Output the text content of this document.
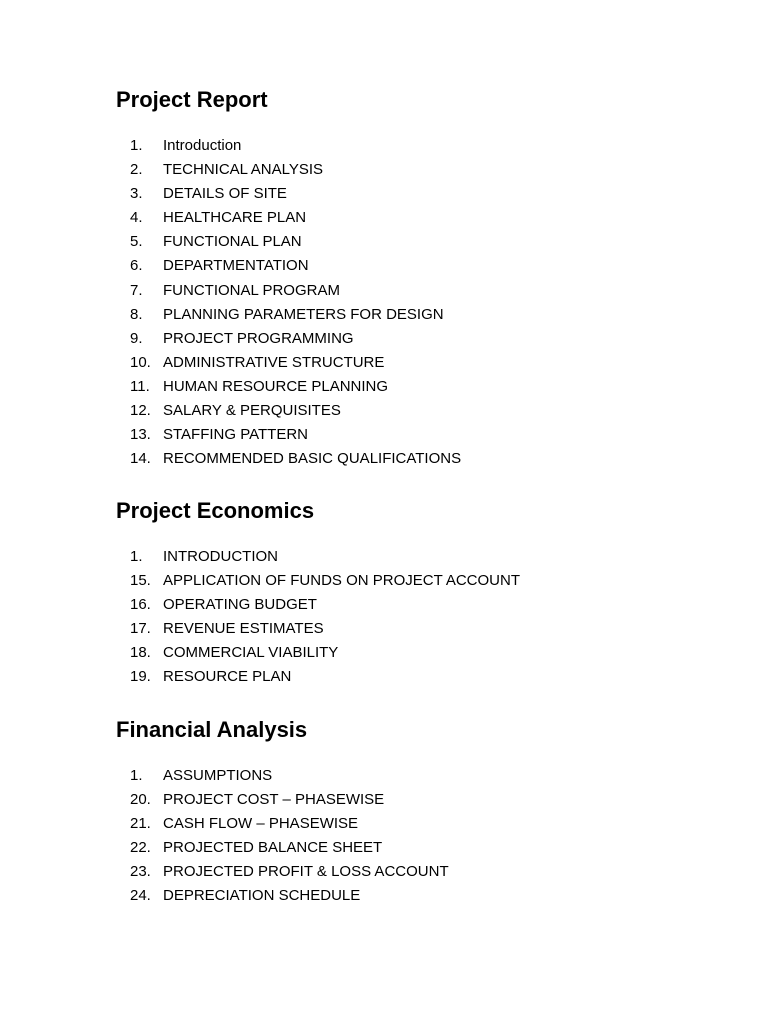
Project Report
1. Introduction
2. TECHNICAL ANALYSIS
3. DETAILS OF SITE
4. HEALTHCARE PLAN
5. FUNCTIONAL PLAN
6. DEPARTMENTATION
7. FUNCTIONAL PROGRAM
8. PLANNING PARAMETERS FOR DESIGN
9. PROJECT PROGRAMMING
10. ADMINISTRATIVE STRUCTURE
11. HUMAN RESOURCE PLANNING
12. SALARY & PERQUISITES
13. STAFFING PATTERN
14. RECOMMENDED BASIC QUALIFICATIONS
Project Economics
1. INTRODUCTION
15. APPLICATION OF FUNDS ON PROJECT ACCOUNT
16. OPERATING BUDGET
17. REVENUE ESTIMATES
18. COMMERCIAL VIABILITY
19. RESOURCE PLAN
Financial Analysis
1. ASSUMPTIONS
20. PROJECT COST – PHASEWISE
21. CASH FLOW – PHASEWISE
22. PROJECTED BALANCE SHEET
23. PROJECTED PROFIT & LOSS ACCOUNT
24. DEPRECIATION SCHEDULE
